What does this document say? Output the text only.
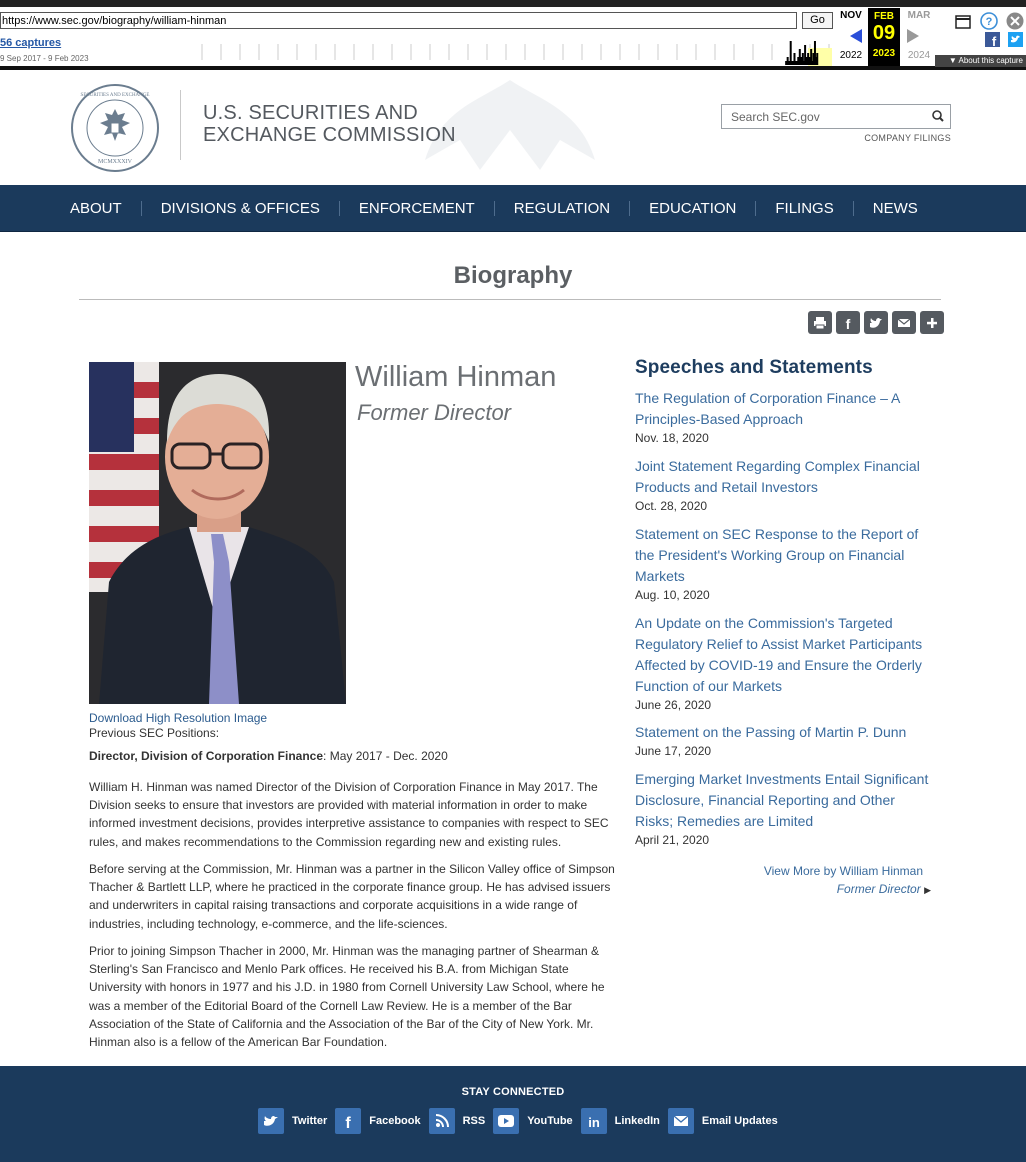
https://www.sec.gov/biography/william-hinman
Go
56 captures
9 Sep 2017 - 9 Feb 2023
NOV	MAR
FEB
09
2023
2022	2024
?
f
▼ About this capture
MCMXXXIV
SECURITIES AND EXCHANGE
U.S. SECURITIES AND
EXCHANGE COMMISSION
Search SEC.gov	COMPANY FILINGS
ABOUT	DIVISIONS & OFFICES	ENFORCEMENT	REGULATION	EDUCATION	FILINGS	NEWS
Biography
f
William Hinman
Former Director
Download High Resolution Image
Previous SEC Positions:
Director, Division of Corporation Finance: May 2017 - Dec. 2020
William H. Hinman was named Director of the Division of Corporation Finance in May 2017. The Division seeks to ensure that investors are provided with material information in order to make informed investment decisions, provides interpretive assistance to companies with respect to SEC rules, and makes recommendations to the Commission regarding new and existing rules.
Before serving at the Commission, Mr. Hinman was a partner in the Silicon Valley office of Simpson Thacher & Bartlett LLP, where he practiced in the corporate finance group. He has advised issuers and underwriters in capital raising transactions and corporate acquisitions in a wide range of industries, including technology, e-commerce, and the life-sciences.
Prior to joining Simpson Thacher in 2000, Mr. Hinman was the managing partner of Shearman & Sterling's San Francisco and Menlo Park offices. He received his B.A. from Michigan State University with honors in 1977 and his J.D. in 1980 from Cornell University Law School, where he was a member of the Editorial Board of the Cornell Law Review. He is a member of the Bar Association of the State of California and the Association of the Bar of the City of New York. Mr. Hinman also is a fellow of the American Bar Foundation.
Speeches and Statements
The Regulation of Corporation Finance – A Principles-Based Approach
Nov. 18, 2020
Joint Statement Regarding Complex Financial Products and Retail Investors
Oct. 28, 2020
Statement on SEC Response to the Report of the President's Working Group on Financial Markets
Aug. 10, 2020
An Update on the Commission's Targeted Regulatory Relief to Assist Market Participants Affected by COVID-19 and Ensure the Orderly Function of our Markets
June 26, 2020
Statement on the Passing of Martin P. Dunn
June 17, 2020
Emerging Market Investments Entail Significant Disclosure, Financial Reporting and Other Risks; Remedies are Limited
April 21, 2020
View More by William Hinman
Former Director ▶
STAY CONNECTED
Twitter f Facebook	RSS	YouTube in LinkedIn	Email Updates
